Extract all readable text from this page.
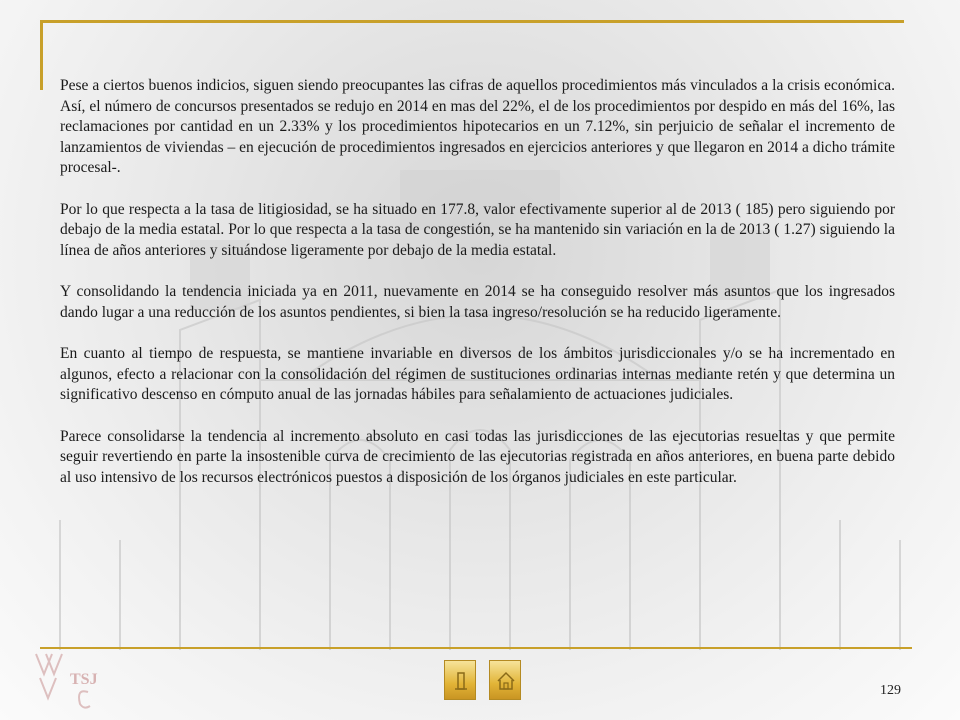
Pese a ciertos buenos indicios, siguen siendo preocupantes las cifras de aquellos procedimientos más vinculados a la crisis económica. Así, el número de concursos presentados se redujo en 2014 en mas del 22%, el de los procedimientos por despido en más del 16%, las reclamaciones por cantidad en un 2.33% y los procedimientos hipotecarios en un 7.12%, sin perjuicio de señalar el incremento de lanzamientos de viviendas – en ejecución de procedimientos ingresados en ejercicios anteriores y que llegaron en 2014 a dicho trámite procesal-.

Por lo que respecta a la tasa de litigiosidad, se ha situado en 177.8, valor efectivamente superior al de 2013 ( 185) pero siguiendo por debajo de la media estatal. Por lo que respecta a la tasa de congestión, se ha mantenido sin variación en la de 2013 ( 1.27) siguiendo la línea de años anteriores y situándose ligeramente por debajo de la media estatal.

Y consolidando la tendencia iniciada ya en 2011, nuevamente en 2014 se ha conseguido resolver más asuntos que los ingresados dando lugar a una reducción de los asuntos pendientes, si bien la tasa ingreso/resolución se ha reducido ligeramente.

En cuanto al tiempo de respuesta, se mantiene invariable en diversos de los ámbitos jurisdiccionales y/o se ha incrementado en algunos, efecto a relacionar con la consolidación del régimen de sustituciones ordinarias internas mediante retén y que determina un significativo descenso en cómputo anual de las jornadas hábiles para señalamiento de actuaciones judiciales.

Parece consolidarse la tendencia al incremento absoluto en casi todas las jurisdicciones de las ejecutorias resueltas y que permite seguir revertiendo en parte la insostenible curva de crecimiento de las ejecutorias registrada en años anteriores, en buena parte debido al uso intensivo de los recursos electrónicos puestos a disposición de los órganos judiciales en este particular.

TSJ
129
